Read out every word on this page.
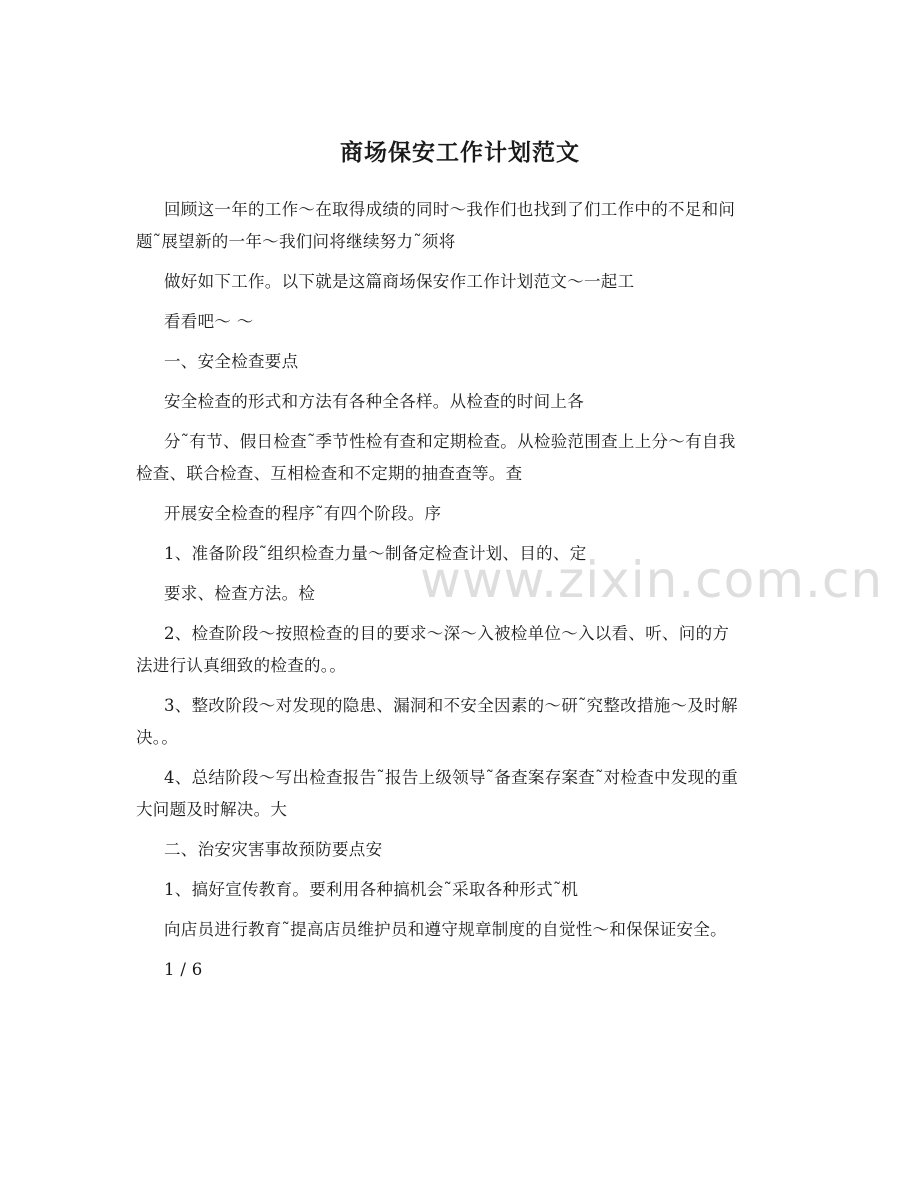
商场保安工作计划范文
回顾这一年的工作～在取得成绩的同时～我作们也找到了们工作中的不足和问
题˜展望新的一年～我们问将继续努力˜须将
做好如下工作。以下就是这篇商场保安作工作计划范文～一起工
看看吧～ ～
一、安全检查要点
安全检查的形式和方法有各种全各样。从检查的时间上各
分˜有节、假日检查˜季节性检有查和定期检查。从检验范围查上上分～有自我
检查、联合检查、互相检查和不定期的抽查查等。查
开展安全检查的程序˜有四个阶段。序
1、准备阶段˜组织检查力量～制备定检查计划、目的、定
要求、检查方法。检
2、检查阶段～按照检查的目的要求～深～入被检单位～入以看、听、问的方
法进行认真细致的检查的。。
3、整改阶段～对发现的隐患、漏洞和不安全因素的～研˜究整改措施～及时解
决。。
4、总结阶段～写出检查报告˜报告上级领导˜备查案存案查˜对检查中发现的重
大问题及时解决。大
二、治安灾害事故预防要点安
1、搞好宣传教育。要利用各种搞机会˜采取各种形式˜机
向店员进行教育˜提高店员维护员和遵守规章制度的自觉性～和保保证安全。
1 / 6
www.zixin.com.cn
